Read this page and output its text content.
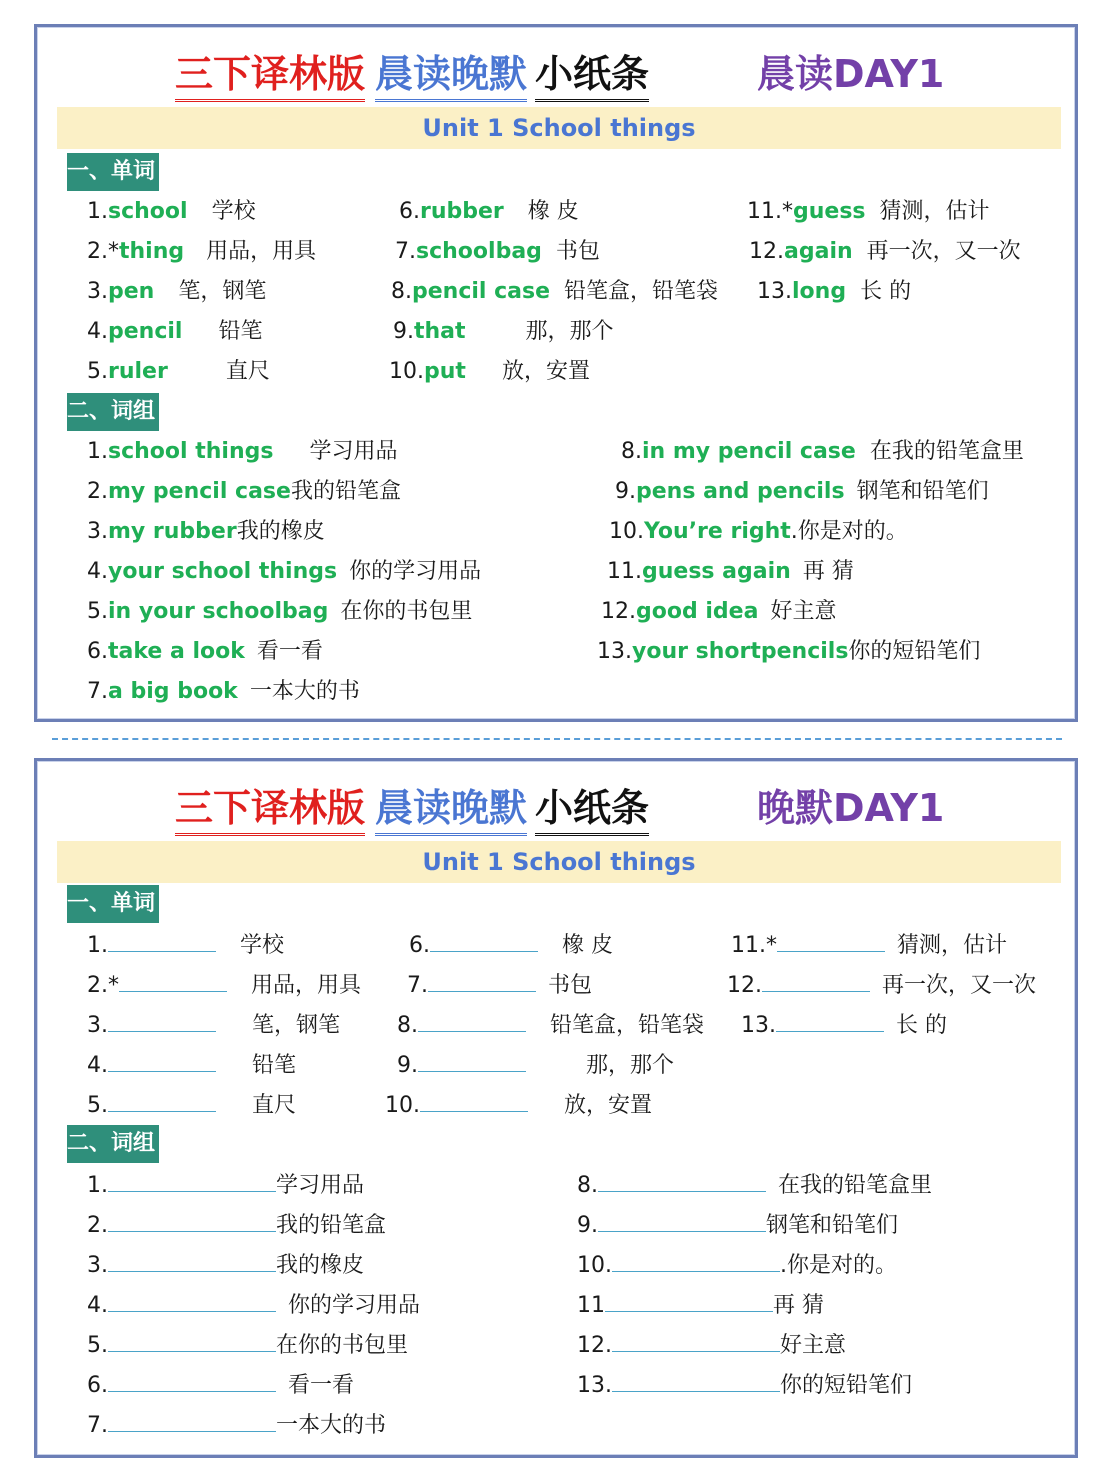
三下译林版 晨读晚默 小纸条	晨读DAY1
Unit 1 School things
一、单词
1.school 学校
2.*thing 用品，用具
3.pen 笔，钢笔
4.pencil 铅笔
5.ruler	直尺
6.rubber 橡 皮
7.schoolbag 书包
8.pencil case 铅笔盒，铅笔袋
9.that	那，那个
10.put 放，安置
11.*guess 猜测，估计
12.again 再一次，又一次
13.long 长 的
二、词组
1.school things 学习用品
2.my pencil case我的铅笔盒
3.my rubber我的橡皮
4.your school things 你的学习用品
5.in your schoolbag 在你的书包里
6.take a look 看一看
7.a big book 一本大的书
8.in my pencil case 在我的铅笔盒里
9.pens and pencils 钢笔和铅笔们
10.You’re right.你是对的。
11.guess again 再 猜
12.good idea 好主意
13.your shortpencils你的短铅笔们
三下译林版 晨读晚默 小纸条	晚默DAY1
Unit 1 School things
一、单词
1.	学校
2.*	用品，用具
3.	笔，钢笔
4.	铅笔
5.	直尺
6.	橡 皮
7.	书包
8.	铅笔盒，铅笔袋
9.	那，那个
10.	放，安置
11.*	猜测，估计
12.	再一次，又一次
13.	长 的
二、词组
1.	学习用品
2.	我的铅笔盒
3.	我的橡皮
4.	你的学习用品
5.	在你的书包里
6.	看一看
7.	一本大的书
8.	在我的铅笔盒里
9.	钢笔和铅笔们
10.	.你是对的。
11	再 猜
12.	好主意
13.	你的短铅笔们
